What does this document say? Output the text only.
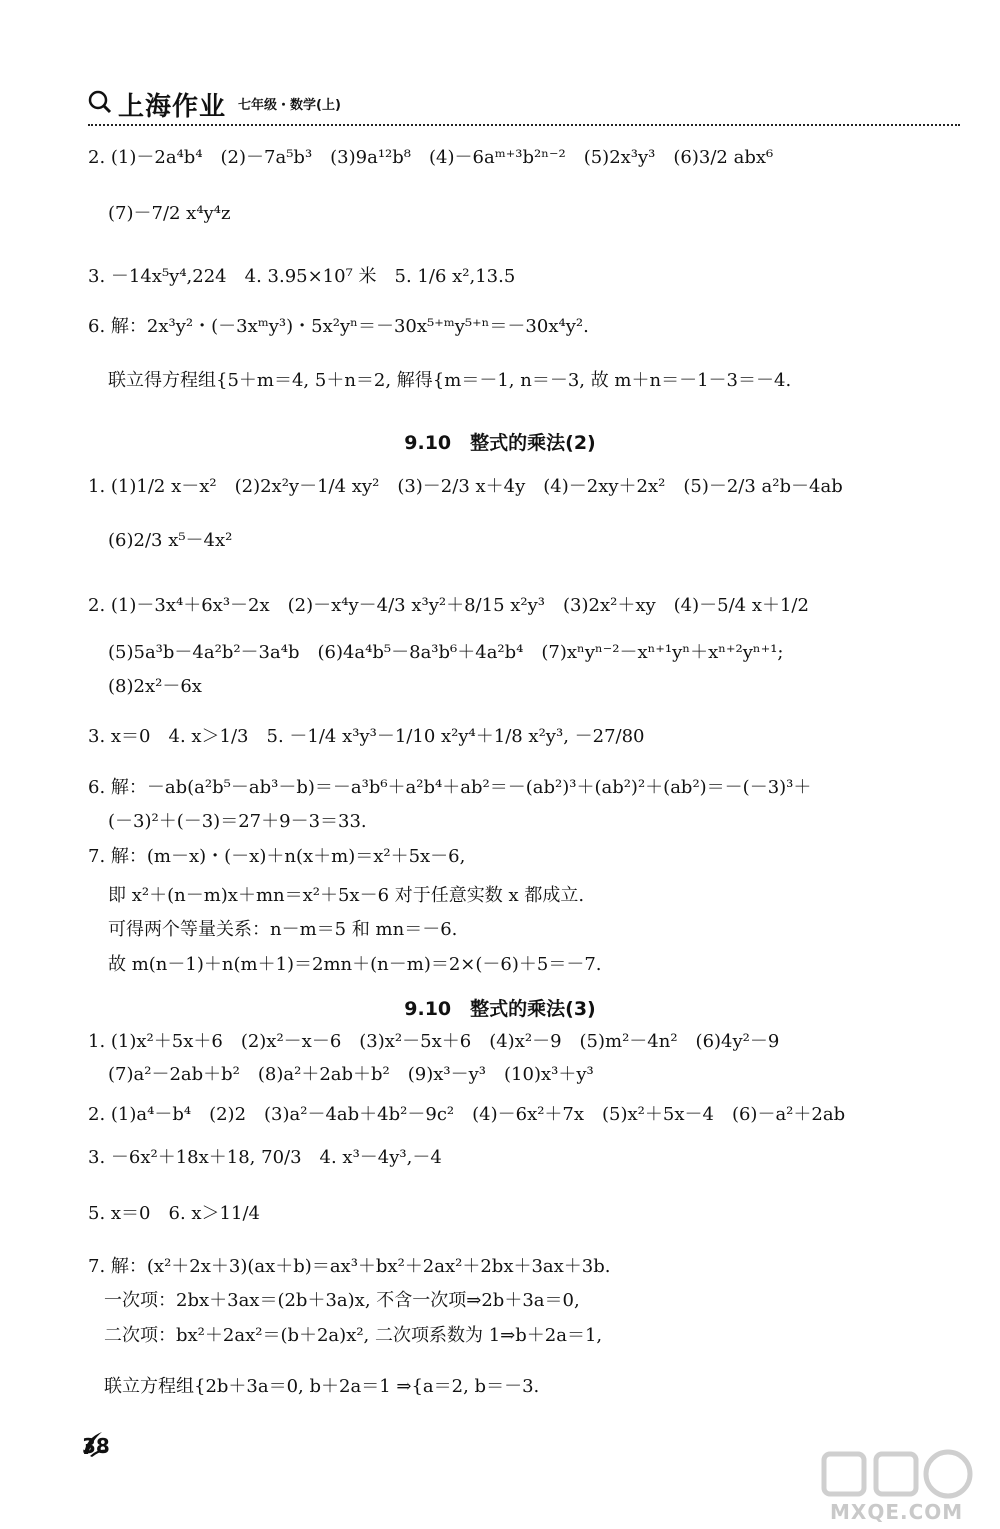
上海作业 七年级・数学(上)
2. (1)－2a⁴b⁴　(2)－7a⁵b³　(3)9a¹²b⁸　(4)－6aᵐ⁺³b²ⁿ⁻²　(5)2x³y³　(6)3/2 abx⁶
(7)－7/2 x⁴y⁴z
3. －14x⁵y⁴,224　4. 3.95×10⁷ 米　5. 1/6 x²,13.5
6. 解：2x³y²・(－3xᵐy³)・5x²yⁿ＝－30x⁵⁺ᵐy⁵⁺ⁿ＝－30x⁴y².
联立得方程组{5＋m＝4, 5＋n＝2, 解得{m＝－1, n＝－3, 故 m＋n＝－1－3＝－4.
9.10　整式的乘法(2)
1. (1)1/2 x－x²　(2)2x²y－1/4 xy²　(3)－2/3 x＋4y　(4)－2xy＋2x²　(5)－2/3 a²b－4ab
(6)2/3 x⁵－4x²
2. (1)－3x⁴＋6x³－2x　(2)－x⁴y－4/3 x³y²＋8/15 x²y³　(3)2x²＋xy　(4)－5/4 x＋1/2
(5)5a³b－4a²b²－3a⁴b　(6)4a⁴b⁵－8a³b⁶＋4a²b⁴　(7)xⁿyⁿ⁻²－xⁿ⁺¹yⁿ＋xⁿ⁺²yⁿ⁺¹;
(8)2x²－6x
3. x＝0　4. x＞1/3　5. －1/4 x³y³－1/10 x²y⁴＋1/8 x²y³, －27/80
6. 解：－ab(a²b⁵－ab³－b)＝－a³b⁶＋a²b⁴＋ab²＝－(ab²)³＋(ab²)²＋(ab²)＝－(－3)³＋
(－3)²＋(－3)＝27＋9－3＝33.
7. 解：(m－x)・(－x)＋n(x＋m)＝x²＋5x－6,
即 x²＋(n－m)x＋mn＝x²＋5x－6 对于任意实数 x 都成立.
可得两个等量关系：n－m＝5 和 mn＝－6.
故 m(n－1)＋n(m＋1)＝2mn＋(n－m)＝2×(－6)＋5＝－7.
9.10　整式的乘法(3)
1. (1)x²＋5x＋6　(2)x²－x－6　(3)x²－5x＋6　(4)x²－9　(5)m²－4n²　(6)4y²－9
(7)a²－2ab＋b²　(8)a²＋2ab＋b²　(9)x³－y³　(10)x³＋y³
2. (1)a⁴－b⁴　(2)2　(3)a²－4ab＋4b²－9c²　(4)－6x²＋7x　(5)x²＋5x－4　(6)－a²＋2ab
3. －6x²＋18x＋18, 70/3　4. x³－4y³,－4
5. x＝0　6. x＞11/4
7. 解：(x²＋2x＋3)(ax＋b)＝ax³＋bx²＋2ax²＋2bx＋3ax＋3b.
一次项：2bx＋3ax＝(2b＋3a)x, 不含一次项⇒2b＋3a＝0,
二次项：bx²＋2ax²＝(b＋2a)x², 二次项系数为 1⇒b＋2a＝1,
联立方程组{2b＋3a＝0, b＋2a＝1 ⇒{a＝2, b＝－3.
38
MXQE.COM
